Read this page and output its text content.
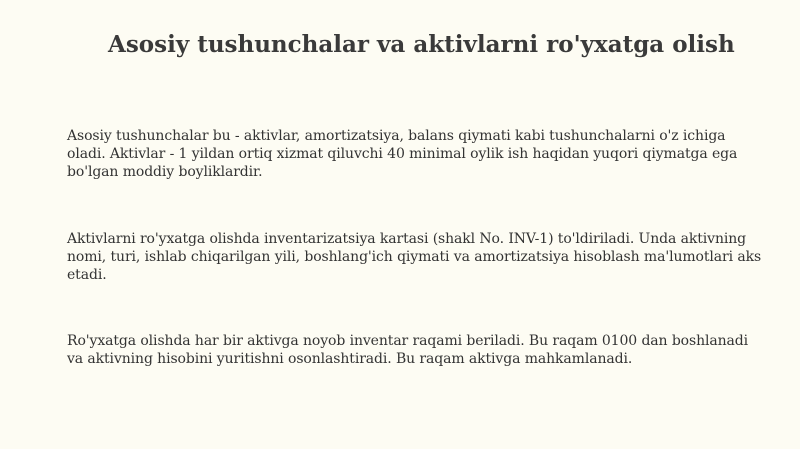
Asosiy tushunchalar va aktivlarni ro'yxatga olish

Asosiy tushunchalar bu - aktivlar, amortizatsiya, balans qiymati kabi tushunchalarni o'z ichiga oladi. Aktivlar - 1 yildan ortiq xizmat qiluvchi 40 minimal oylik ish haqidan yuqori qiymatga ega bo'lgan moddiy boyliklardir.

Aktivlarni ro'yxatga olishda inventarizatsiya kartasi (shakl No. INV-1) to'ldiriladi. Unda aktivning nomi, turi, ishlab chiqarilgan yili, boshlang'ich qiymati va amortizatsiya hisoblash ma'lumotlari aks etadi.

Ro'yxatga olishda har bir aktivga noyob inventar raqami beriladi. Bu raqam 0100 dan boshlanadi va aktivning hisobini yuritishni osonlashtiradi. Bu raqam aktivga mahkamlanadi.
